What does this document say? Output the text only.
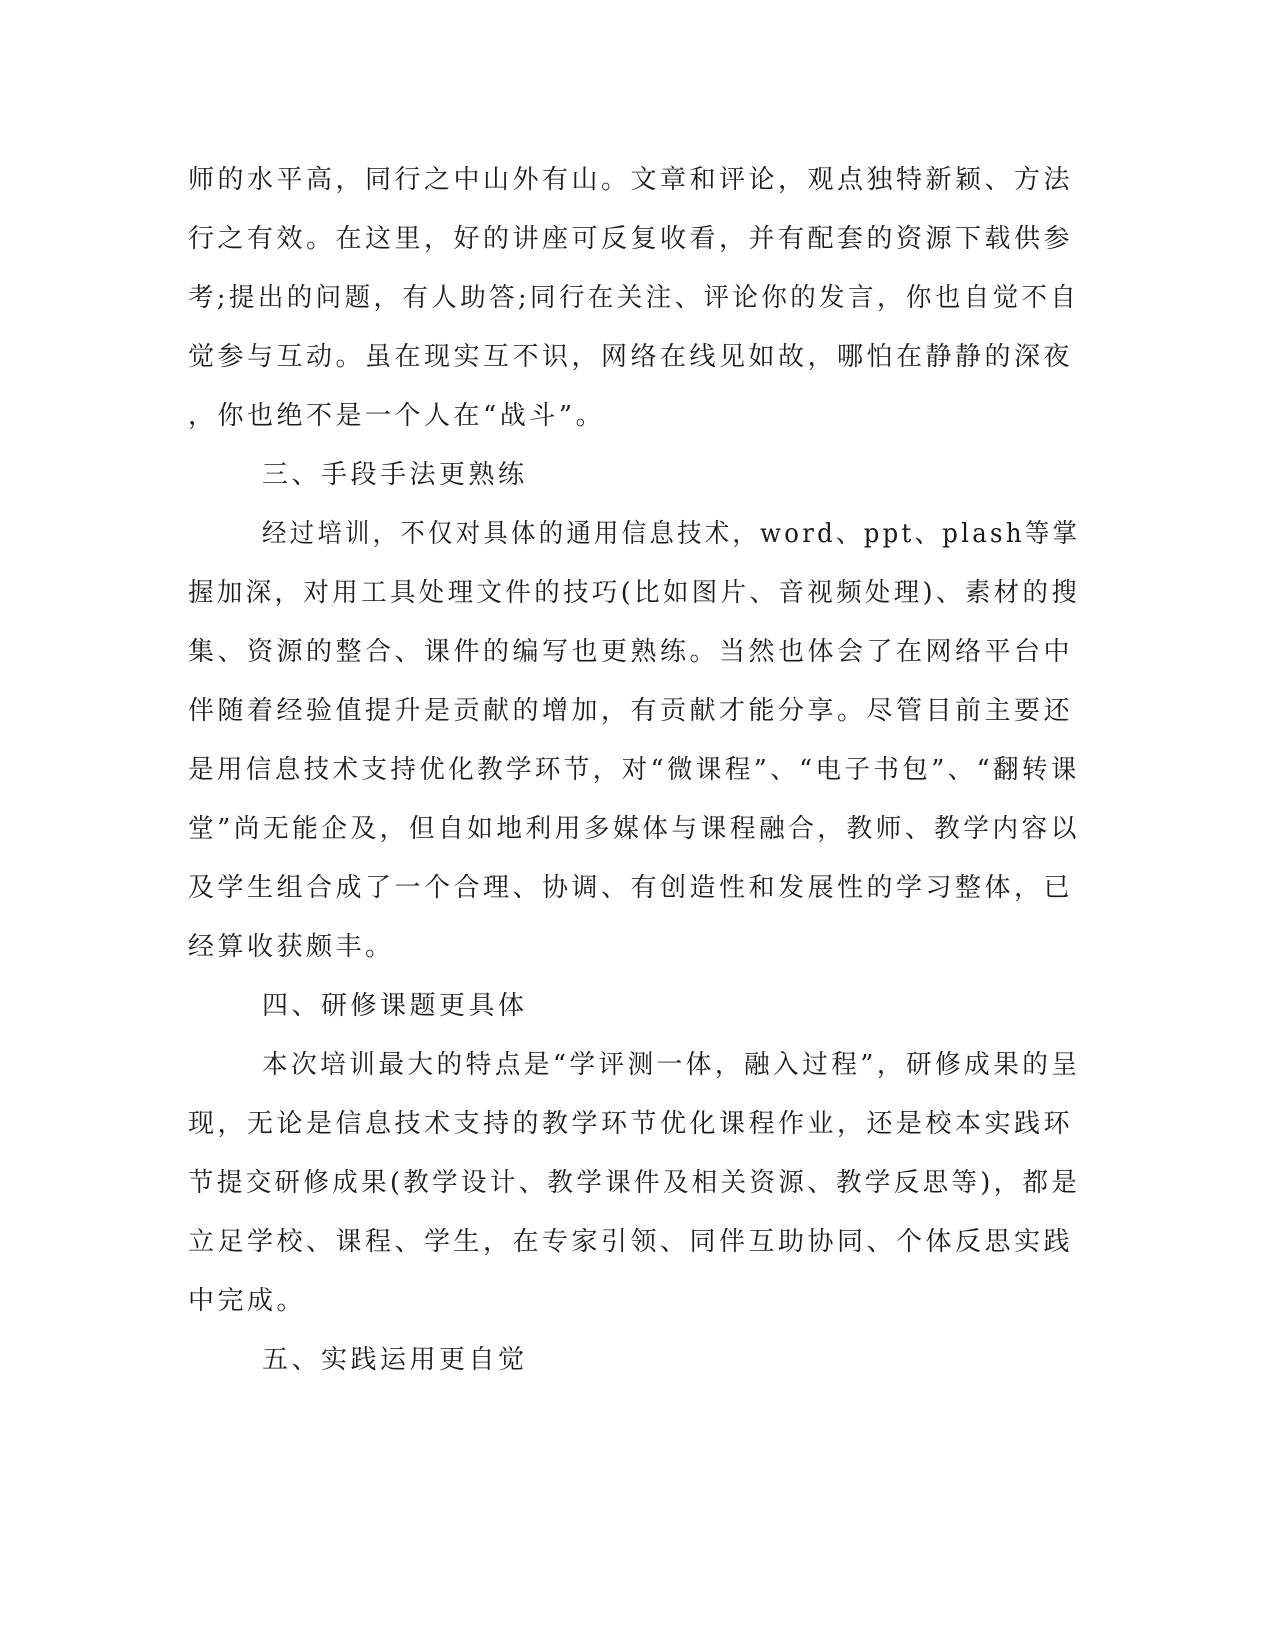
师的水平高，同行之中山外有山。文章和评论，观点独特新颖、方法
行之有效。在这里，好的讲座可反复收看，并有配套的资源下载供参
考;提出的问题，有人助答;同行在关注、评论你的发言，你也自觉不自
觉参与互动。虽在现实互不识，网络在线见如故，哪怕在静静的深夜
，你也绝不是一个人在“战斗”。
三、手段手法更熟练
经过培训，不仅对具体的通用信息技术，word、ppt、plash等掌
握加深，对用工具处理文件的技巧(比如图片、音视频处理)、素材的搜
集、资源的整合、课件的编写也更熟练。当然也体会了在网络平台中
伴随着经验值提升是贡献的增加，有贡献才能分享。尽管目前主要还
是用信息技术支持优化教学环节，对“微课程”、“电子书包”、“翻转课
堂”尚无能企及，但自如地利用多媒体与课程融合，教师、教学内容以
及学生组合成了一个合理、协调、有创造性和发展性的学习整体，已
经算收获颇丰。
四、研修课题更具体
本次培训最大的特点是“学评测一体，融入过程”，研修成果的呈
现，无论是信息技术支持的教学环节优化课程作业，还是校本实践环
节提交研修成果(教学设计、教学课件及相关资源、教学反思等)，都是
立足学校、课程、学生，在专家引领、同伴互助协同、个体反思实践
中完成。
五、实践运用更自觉
